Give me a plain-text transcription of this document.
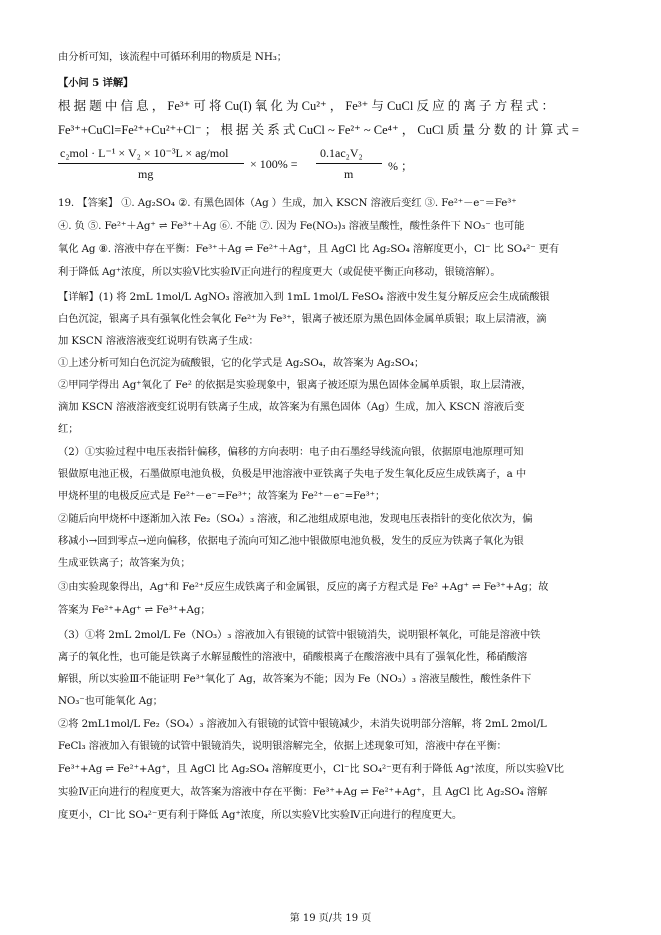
由分析可知，该流程中可循环利用的物质是 NH₃；
【小问 5 详解】
根 据 题 中 信 息 ， Fe³⁺ 可 将 Cu(I) 氧 化 为 Cu²⁺ ， Fe³⁺ 与 CuCl 反 应 的 离 子 方 程 式 ：
Fe³⁺+CuCl=Fe²⁺+Cu²⁺+Cl⁻ ； 根 据 关 系 式 CuCl ~ Fe²⁺ ~ Ce⁴⁺ ， CuCl 质 量 分 数 的 计 算 式 =
c₂mol · L⁻¹ × V₂ × 10⁻³L × ag/mol
mg
× 100% =
0.1ac₂V₂
m
% ；
19. 【答案】 ①. Ag₂SO₄ ②. 有黑色固体（Ag ）生成，加入 KSCN 溶液后变红 ③. Fe²⁺－e⁻＝Fe³⁺
④. 负 ⑤. Fe²⁺＋Ag⁺ ⇌ Fe³⁺＋Ag ⑥. 不能 ⑦. 因为 Fe(NO₃)₃ 溶液呈酸性，酸性条件下 NO₃⁻ 也可能
氧化 Ag ⑧. 溶液中存在平衡：Fe³⁺＋Ag ⇌ Fe²⁺＋Ag⁺，且 AgCl 比 Ag₂SO₄ 溶解度更小，Cl⁻ 比 SO₄²⁻ 更有
利于降低 Ag⁺浓度，所以实验Ⅴ比实验Ⅳ正向进行的程度更大（或促使平衡正向移动，银镜溶解）。
【详解】(1) 将 2mL 1mol/L AgNO₃ 溶液加入到 1mL 1mol/L FeSO₄ 溶液中发生复分解反应会生成硫酸银
白色沉淀，银离子具有强氧化性会氧化 Fe²⁺为 Fe³⁺，银离子被还原为黑色固体金属单质银；取上层清液，滴
加 KSCN 溶液溶液变红说明有铁离子生成：
①上述分析可知白色沉淀为硫酸银，它的化学式是 Ag₂SO₄，故答案为 Ag₂SO₄；
②甲同学得出 Ag⁺氧化了 Fe² 的依据是实验现象中，银离子被还原为黑色固体金属单质银，取上层清液，
滴加 KSCN 溶液溶液变红说明有铁离子生成，故答案为有黑色固体（Ag）生成，加入 KSCN 溶液后变
红；
（2）①实验过程中电压表指针偏移，偏移的方向表明：电子由石墨经导线流向银，依据原电池原理可知
银做原电池正极，石墨做原电池负极，负极是甲池溶液中亚铁离子失电子发生氧化反应生成铁离子，a 中
甲烧杯里的电极反应式是 Fe²⁺－e⁻=Fe³⁺；故答案为 Fe²⁺－e⁻=Fe³⁺；
②随后向甲烧杯中逐渐加入浓 Fe₂（SO₄）₃ 溶液，和乙池组成原电池，发现电压表指针的变化依次为，偏
移减小→回到零点→逆向偏移，依据电子流向可知乙池中银做原电池负极，发生的反应为铁离子氧化为银
生成亚铁离子；故答案为负；
③由实验现象得出，Ag⁺和 Fe²⁺反应生成铁离子和金属银，反应的离子方程式是 Fe² +Ag⁺ ⇌ Fe³⁺+Ag；故
答案为 Fe²⁺+Ag⁺ ⇌ Fe³⁺+Ag；
（3）①将 2mL 2mol/L Fe（NO₃）₃ 溶液加入有银镜的试管中银镜消失，说明银杯氧化，可能是溶液中铁
离子的氧化性，也可能是铁离子水解显酸性的溶液中，硝酸根离子在酸溶液中具有了强氧化性，稀硝酸溶
解银，所以实验Ⅲ不能证明 Fe³⁺氧化了 Ag，故答案为不能；因为 Fe（NO₃）₃ 溶液呈酸性，酸性条件下
NO₃⁻也可能氧化 Ag；
②将 2mL1mol/L Fe₂（SO₄）₃ 溶液加入有银镜的试管中银镜减少，未消失说明部分溶解，将 2mL 2mol/L
FeCl₃ 溶液加入有银镜的试管中银镜消失，说明银溶解完全，依据上述现象可知，溶液中存在平衡：
Fe³⁺+Ag ⇌ Fe²⁺+Ag⁺，且 AgCl 比 Ag₂SO₄ 溶解度更小，Cl⁻比 SO₄²⁻更有利于降低 Ag⁺浓度，所以实验Ⅴ比
实验Ⅳ正向进行的程度更大，故答案为溶液中存在平衡：Fe³⁺+Ag ⇌ Fe²⁺+Ag⁺，且 AgCl 比 Ag₂SO₄ 溶解
度更小，Cl⁻比 SO₄²⁻更有利于降低 Ag⁺浓度，所以实验Ⅴ比实验Ⅳ正向进行的程度更大。
第 19 页/共 19 页
